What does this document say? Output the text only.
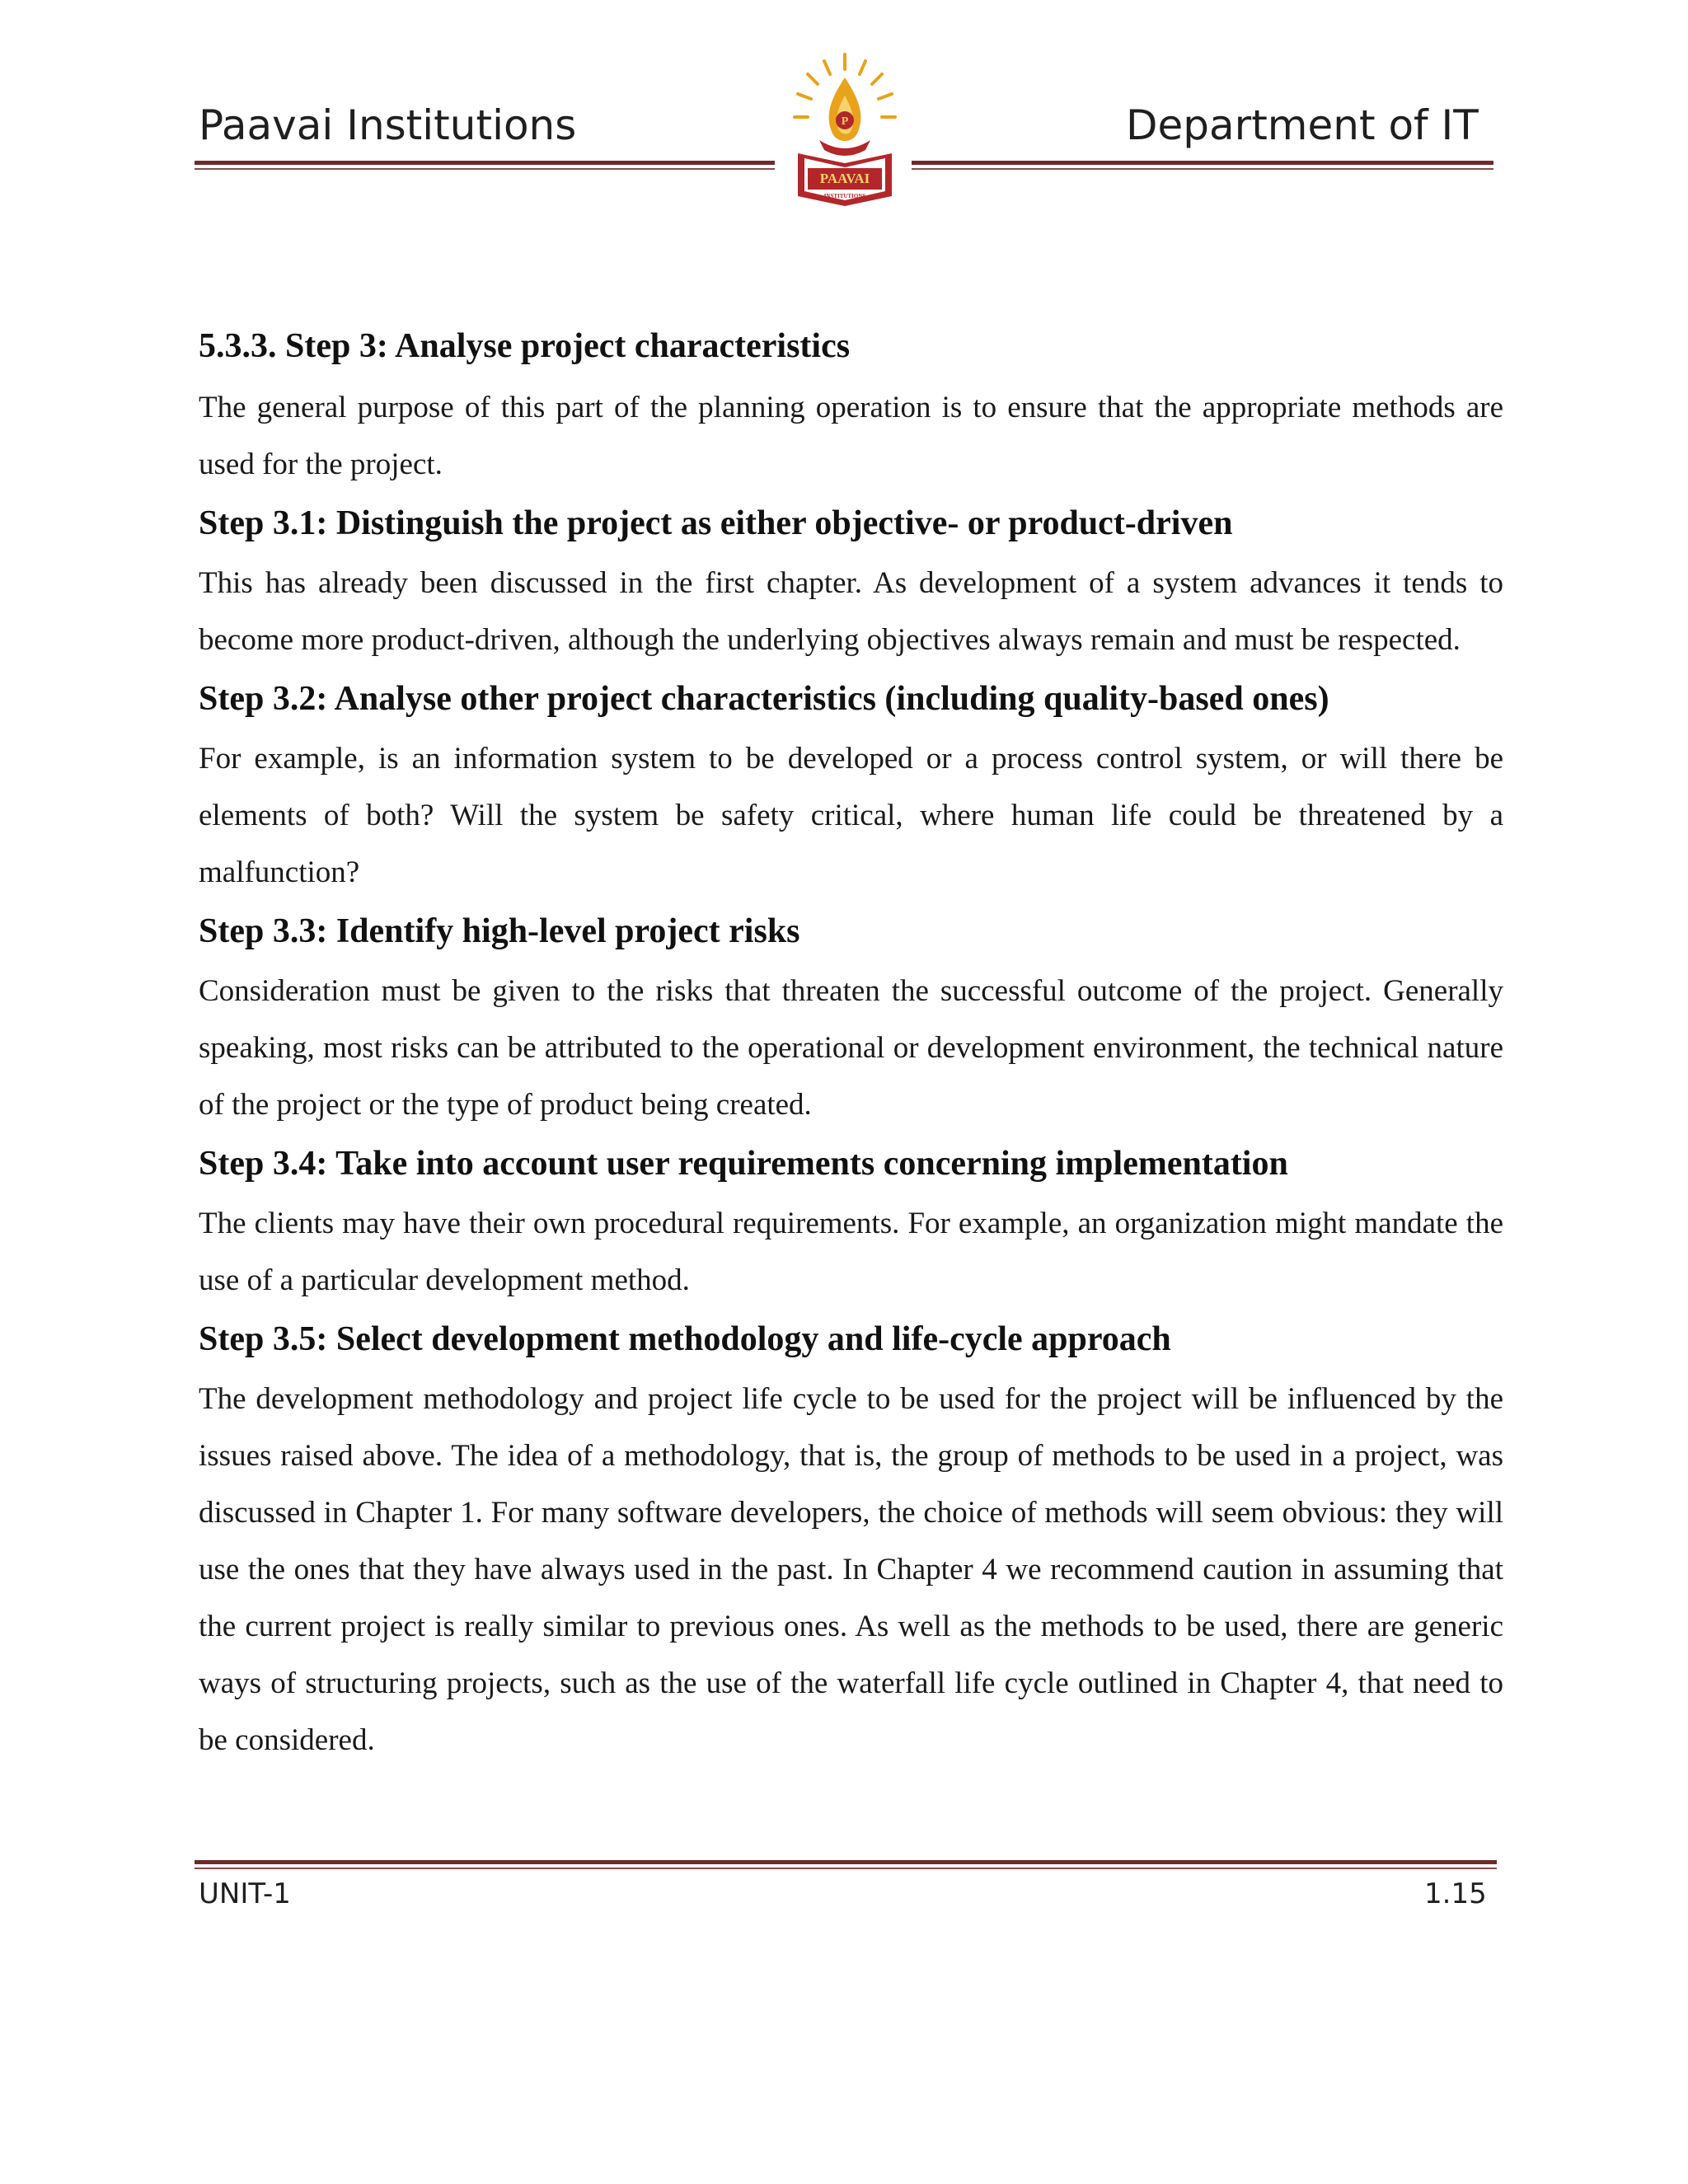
Paavai Institutions	Department of IT
P
PAAVAI
INSTITUTIONS
5.3.3. Step 3: Analyse project characteristics

The general purpose of this part of the planning operation is to ensure that the appropriate methods are used for the project.

Step 3.1: Distinguish the project as either objective- or product-driven

This has already been discussed in the first chapter. As development of a system advances it tends to become more product-driven, although the underlying objectives always remain and must be respected.

Step 3.2: Analyse other project characteristics (including quality-based ones)

For example, is an information system to be developed or a process control system, or will there be elements of both? Will the system be safety critical, where human life could be threatened by a malfunction?

Step 3.3: Identify high-level project risks

Consideration must be given to the risks that threaten the successful outcome of the project. Generally speaking, most risks can be attributed to the operational or development environment, the technical nature of the project or the type of product being created.

Step 3.4: Take into account user requirements concerning implementation

The clients may have their own procedural requirements. For example, an organization might mandate the use of a particular development method.

Step 3.5: Select development methodology and life-cycle approach

The development methodology and project life cycle to be used for the project will be influenced by the issues raised above. The idea of a methodology, that is, the group of methods to be used in a project, was discussed in Chapter 1. For many software developers, the choice of methods will seem obvious: they will use the ones that they have always used in the past. In Chapter 4 we recommend caution in assuming that the current project is really similar to previous ones. As well as the methods to be used, there are generic ways of structuring projects, such as the use of the waterfall life cycle outlined in Chapter 4, that need to be considered.

UNIT-1	1.15
